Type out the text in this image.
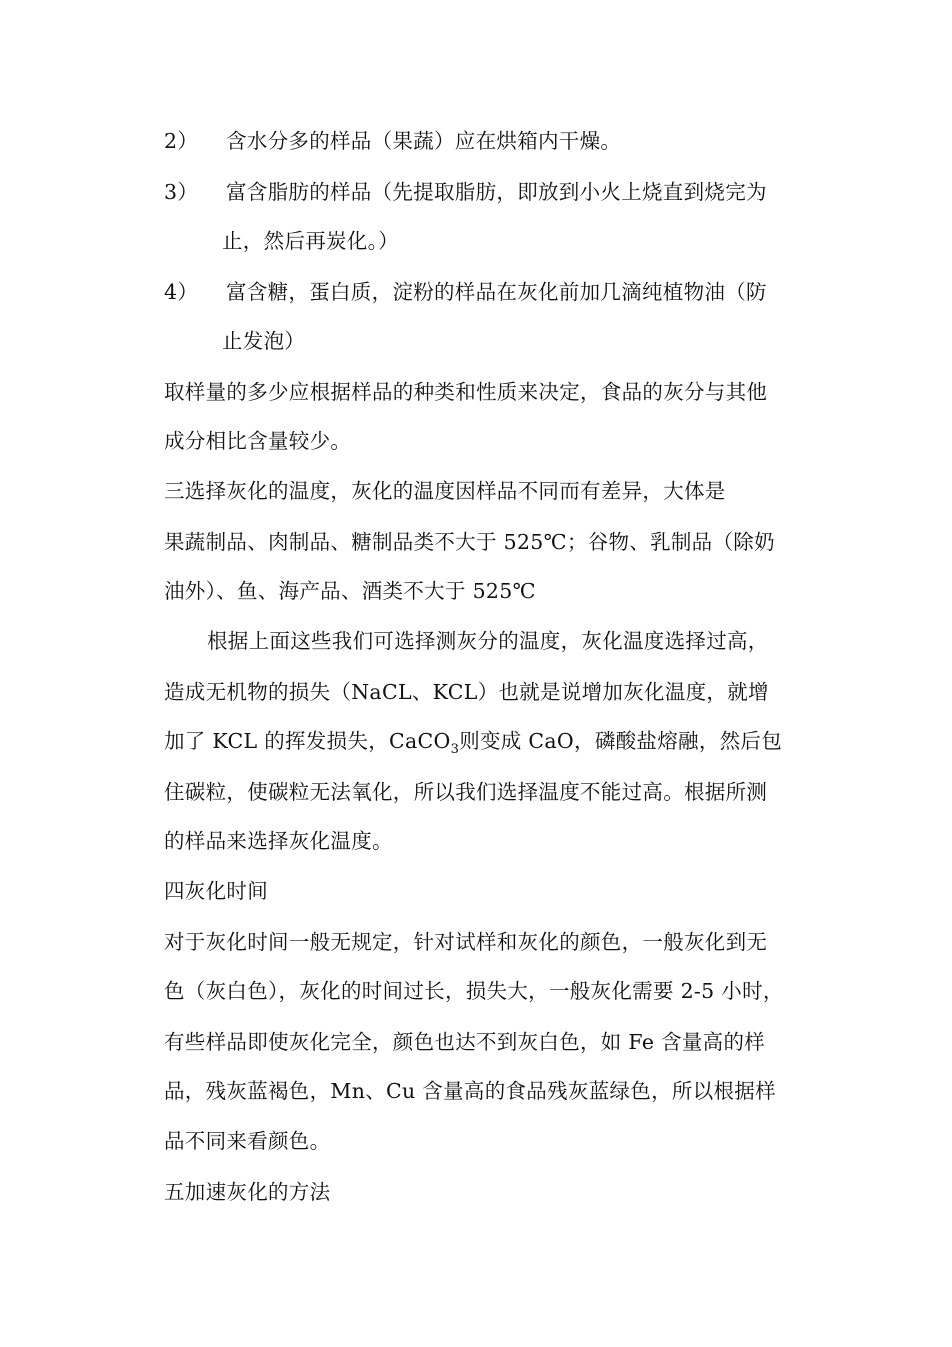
2） 含水分多的样品（果蔬）应在烘箱内干燥。
3） 富含脂肪的样品（先提取脂肪，即放到小火上烧直到烧完为
止，然后再炭化。）
4） 富含糖，蛋白质，淀粉的样品在灰化前加几滴纯植物油（防
止发泡）
取样量的多少应根据样品的种类和性质来决定，食品的灰分与其他
成分相比含量较少。
三选择灰化的温度，灰化的温度因样品不同而有差异，大体是
果蔬制品、肉制品、糖制品类不大于 525℃；谷物、乳制品（除奶
油外）、鱼、海产品、酒类不大于 525℃
根据上面这些我们可选择测灰分的温度，灰化温度选择过高，
造成无机物的损失（NaCL、KCL）也就是说增加灰化温度，就增
加了 KCL 的挥发损失，CaCO$_3$则变成 CaO，磷酸盐熔融，然后包
住碳粒，使碳粒无法氧化，所以我们选择温度不能过高。根据所测
的样品来选择灰化温度。
四灰化时间
对于灰化时间一般无规定，针对试样和灰化的颜色，一般灰化到无
色（灰白色），灰化的时间过长，损失大，一般灰化需要 2-5 小时，
有些样品即使灰化完全，颜色也达不到灰白色，如 Fe 含量高的样
品，残灰蓝褐色，Mn、Cu 含量高的食品残灰蓝绿色，所以根据样
品不同来看颜色。
五加速灰化的方法
